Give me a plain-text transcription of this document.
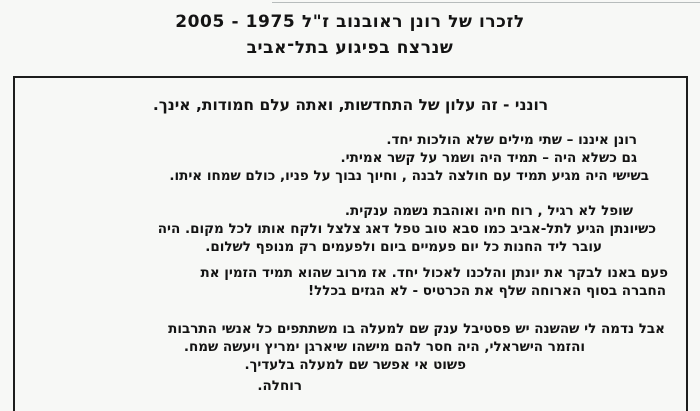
לזכרו של רונן ראובנוב ז"ל 1975 - 2005
שנרצח בפיגוע בתל־אביב
רונני - זה עלון של התחדשות, ואתה עלם חמודות, אינך.
רונן איננו – שתי מילים שלא הולכות יחד.
גם כשלא היה – תמיד היה ושמר על קשר אמיתי.
בשישי היה מגיע תמיד עם חולצה לבנה , וחיוך נבוך על פניו, כולם שמחו איתו.
שופל לא רגיל , רוח חיה ואוהבת נשמה ענקית.
כשיונתן הגיע לתל-אביב כמו סבא טוב טפל דאג צלצל ולקח אותו לכל מקום. היה
עובר ליד החנות כל יום פעמיים ביום ולפעמים רק מנופף לשלום.
פעם באנו לבקר את יונתן והלכנו לאכול יחד. אז מרוב שהוא תמיד הזמין את
החברה בסוף הארוחה שלף את הכרטיס - לא הגזים בכלל!
אבל נדמה לי שהשנה יש פסטיבל ענק שם למעלה בו משתתפים כל אנשי התרבות
והזמר הישראלי, היה חסר להם מישהו שיארגן ימריץ ויעשה שמח.
פשוט אי אפשר שם למעלה בלעדיך.
רוחלה.
